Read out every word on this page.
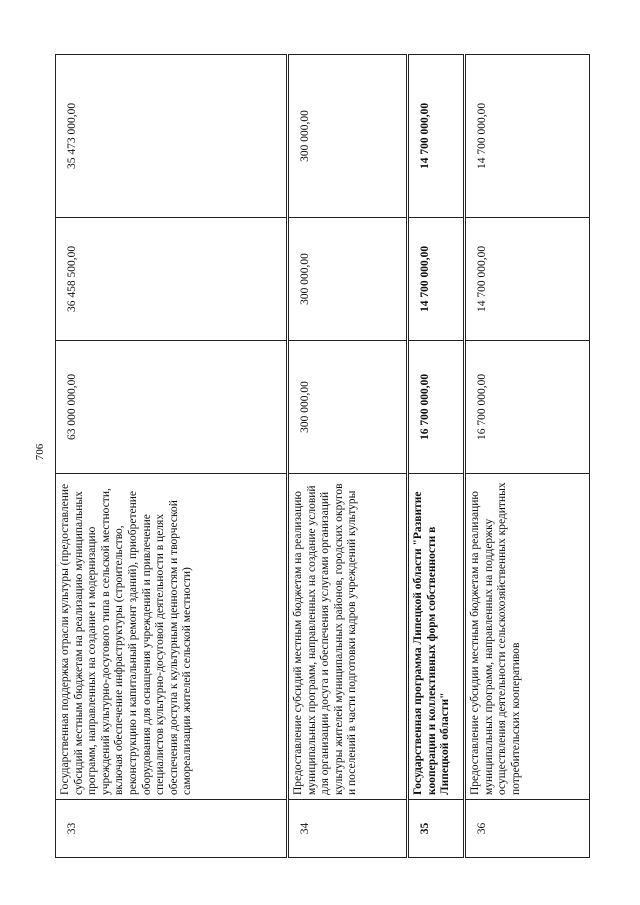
706
33	Государственная поддержка отрасли культуры (предоставление субсидий местным бюджетам на реализацию муниципальных программ, направленных на создание и модернизацию учреждений культурно-досугового типа в сельской местности, включая обеспечение инфраструктуры (строительство, реконструкцию и капитальный ремонт зданий), приобретение оборудования для оснащения учреждений и привлечение специалистов культурно-досуговой деятельности в целях обеспечения доступа к культурным ценностям и творческой самореализации жителей сельской местности)	63 000 000,00	36 458 500,00	35 473 000,00
34	Предоставление субсидий местным бюджетам на реализацию муниципальных программ, направленных на создание условий для организации досуга и обеспечения услугами организаций культуры жителей муниципальных районов, городских округов и поселений в части подготовки кадров учреждений культуры	300 000,00	300 000,00	300 000,00
35	Государственная программа Липецкой области "Развитие кооперации и коллективных форм собственности в Липецкой области"	16 700 000,00	14 700 000,00	14 700 000,00
36	Предоставление субсидии местным бюджетам на реализацию муниципальных программ, направленных на поддержку осуществления деятельности сельскохозяйственных кредитных потребительских кооперативов	16 700 000,00	14 700 000,00	14 700 000,00
